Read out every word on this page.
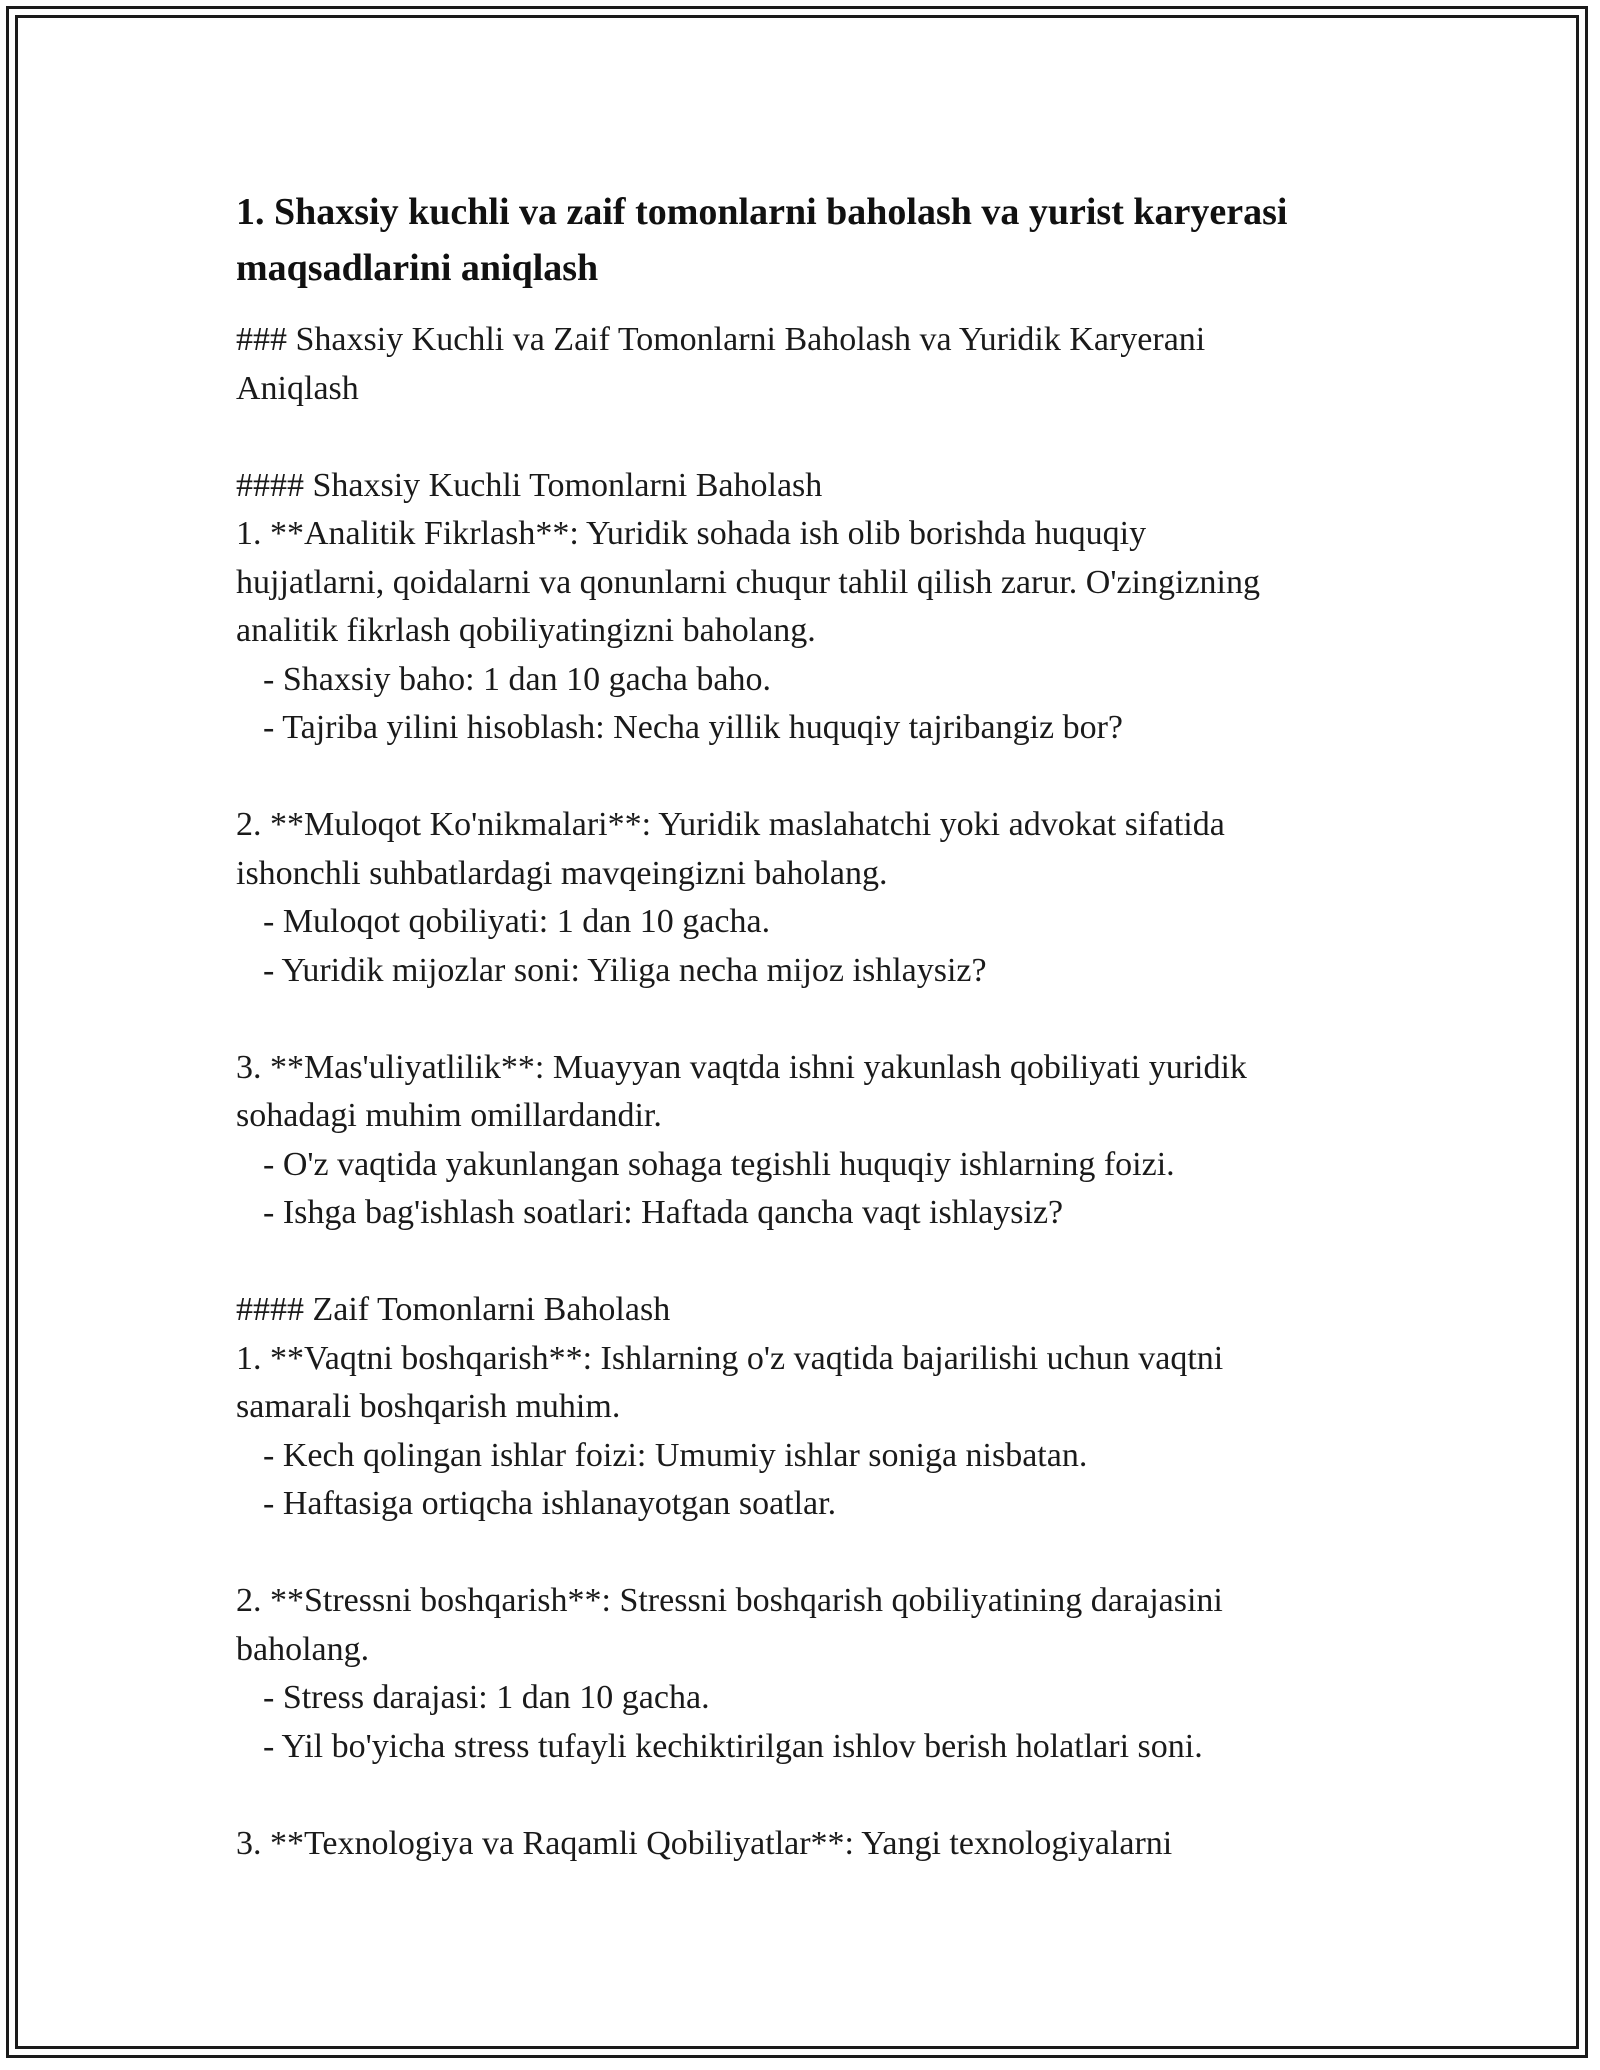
1. Shaxsiy kuchli va zaif tomonlarni baholash va yurist karyerasi maqsadlarini aniqlash
### Shaxsiy Kuchli va Zaif Tomonlarni Baholash va Yuridik Karyerani
Aniqlash
#### Shaxsiy Kuchli Tomonlarni Baholash
1. **Analitik Fikrlash**: Yuridik sohada ish olib borishda huquqiy
hujjatlarni, qoidalarni va qonunlarni chuqur tahlil qilish zarur. O'zingizning
analitik fikrlash qobiliyatingizni baholang.
- Shaxsiy baho: 1 dan 10 gacha baho.
- Tajriba yilini hisoblash: Necha yillik huquqiy tajribangiz bor?
2. **Muloqot Ko'nikmalari**: Yuridik maslahatchi yoki advokat sifatida
ishonchli suhbatlardagi mavqeingizni baholang.
- Muloqot qobiliyati: 1 dan 10 gacha.
- Yuridik mijozlar soni: Yiliga necha mijoz ishlaysiz?
3. **Mas'uliyatlilik**: Muayyan vaqtda ishni yakunlash qobiliyati yuridik
sohadagi muhim omillardandir.
- O'z vaqtida yakunlangan sohaga tegishli huquqiy ishlarning foizi.
- Ishga bag'ishlash soatlari: Haftada qancha vaqt ishlaysiz?
#### Zaif Tomonlarni Baholash
1. **Vaqtni boshqarish**: Ishlarning o'z vaqtida bajarilishi uchun vaqtni
samarali boshqarish muhim.
- Kech qolingan ishlar foizi: Umumiy ishlar soniga nisbatan.
- Haftasiga ortiqcha ishlanayotgan soatlar.
2. **Stressni boshqarish**: Stressni boshqarish qobiliyatining darajasini
baholang.
- Stress darajasi: 1 dan 10 gacha.
- Yil bo'yicha stress tufayli kechiktirilgan ishlov berish holatlari soni.
3. **Texnologiya va Raqamli Qobiliyatlar**: Yangi texnologiyalarni
